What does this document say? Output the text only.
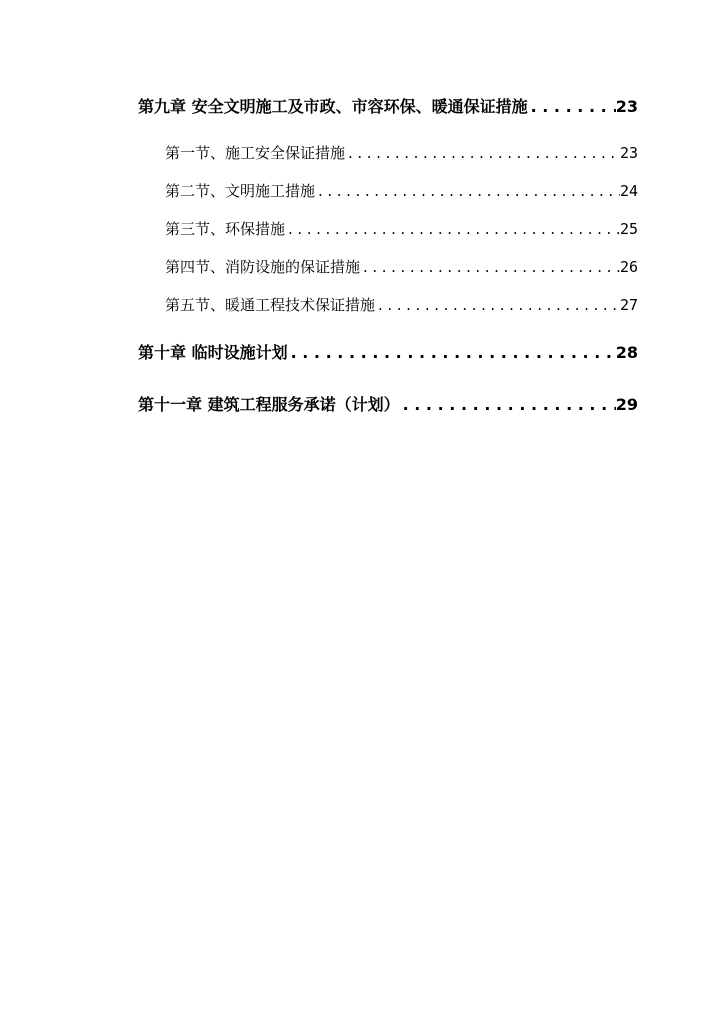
第九章 安全文明施工及市政、市容环保、暖通保证措施 .....	23
第一节、施工安全保证措施 .....	23
第二节、文明施工措施 .....	24
第三节、环保措施 .....	25
第四节、消防设施的保证措施 .....	26
第五节、暖通工程技术保证措施 .....	27
第十章 临时设施计划 .....	28
第十一章 建筑工程服务承诺（计划） .....	29
